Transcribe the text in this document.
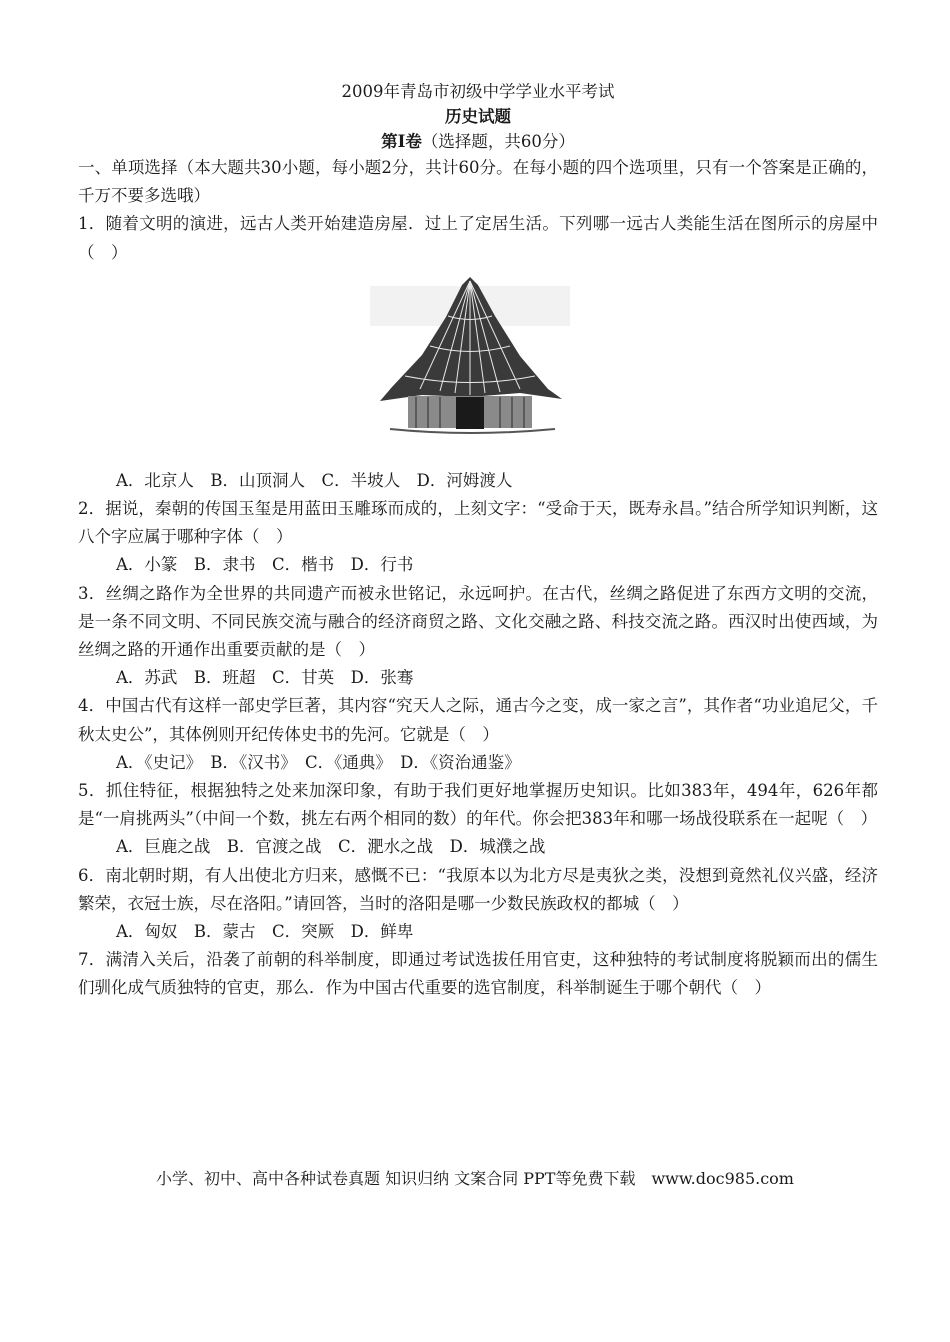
2009年青岛市初级中学学业水平考试
历史试题
第Ⅰ卷（选择题，共60分）

一、单项选择（本大题共30小题，每小题2分，共计60分。在每小题的四个选项里，只有一个答案是正确的，千万不要多选哦）

1．随着文明的演进，远古人类开始建造房屋．过上了定居生活。下列哪一远古人类能生活在图所示的房屋中（　）

A．北京人　B．山顶洞人　C．半坡人　D．河姆渡人

2．据说，秦朝的传国玉玺是用蓝田玉雕琢而成的，上刻文字：“受命于天，既寿永昌。”结合所学知识判断，这八个字应属于哪种字体（　）

A．小篆　B．隶书　C．楷书　D．行书

3．丝绸之路作为全世界的共同遗产而被永世铭记，永远呵护。在古代，丝绸之路促进了东西方文明的交流，是一条不同文明、不同民族交流与融合的经济商贸之路、文化交融之路、科技交流之路。西汉时出使西域，为丝绸之路的开通作出重要贡献的是（　）

A．苏武　B．班超　C．甘英　D．张骞

4．中国古代有这样一部史学巨著，其内容“究天人之际，通古今之变，成一家之言”，其作者“功业追尼父，千秋太史公”，其体例则开纪传体史书的先河。它就是（　）

A．《史记》　B．《汉书》　C．《通典》　D．《资治通鉴》

5．抓住特征，根据独特之处来加深印象，有助于我们更好地掌握历史知识。比如383年，494年，626年都是“一肩挑两头”（中间一个数，挑左右两个相同的数）的年代。你会把383年和哪一场战役联系在一起呢（　）

A．巨鹿之战　B．官渡之战　C．淝水之战　D．城濮之战

6．南北朝时期，有人出使北方归来，感慨不已：“我原本以为北方尽是夷狄之类，没想到竟然礼仪兴盛，经济繁荣，衣冠士族，尽在洛阳。”请回答，当时的洛阳是哪一少数民族政权的都城（　）

A．匈奴　B．蒙古　C．突厥　D．鲜卑

7．满清入关后，沿袭了前朝的科举制度，即通过考试选拔任用官吏，这种独特的考试制度将脱颖而出的儒生们驯化成气质独特的官吏，那么．作为中国古代重要的选官制度，科举制诞生于哪个朝代（　）

小学、初中、高中各种试卷真题 知识归纳 文案合同 PPT等免费下载　www.doc985.com
